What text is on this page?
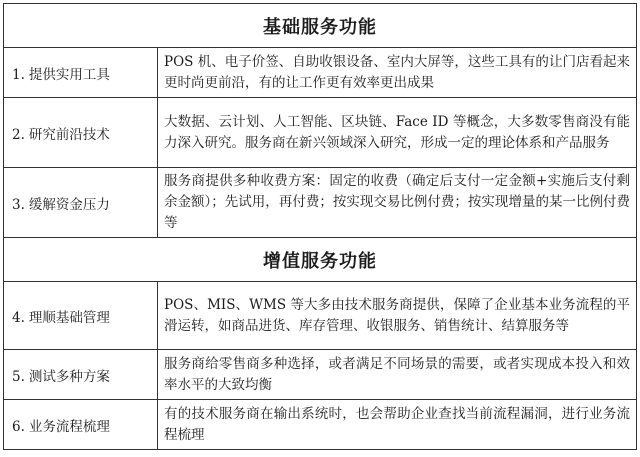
基础服务功能	
1. 提供实用工具	POS 机、电子价签、自助收银设备、室内大屏等，这些工具有的让门店看起来更时尚更前沿，有的让工作更有效率更出成果
2. 研究前沿技术	大数据、云计划、人工智能、区块链、Face ID 等概念，大多数零售商没有能力深入研究。服务商在新兴领域深入研究，形成一定的理论体系和产品服务
3. 缓解资金压力	服务商提供多种收费方案：固定的收费（确定后支付一定金额+实施后支付剩余金额）；先试用，再付费；按实现交易比例付费；按实现增量的某一比例付费等
增值服务功能	
4. 理顺基础管理	POS、MIS、WMS 等大多由技术服务商提供，保障了企业基本业务流程的平滑运转，如商品进货、库存管理、收银服务、销售统计、结算服务等
5. 测试多种方案	服务商给零售商多种选择，或者满足不同场景的需要，或者实现成本投入和效率水平的大致均衡
6. 业务流程梳理	有的技术服务商在输出系统时，也会帮助企业查找当前流程漏洞，进行业务流程梳理
